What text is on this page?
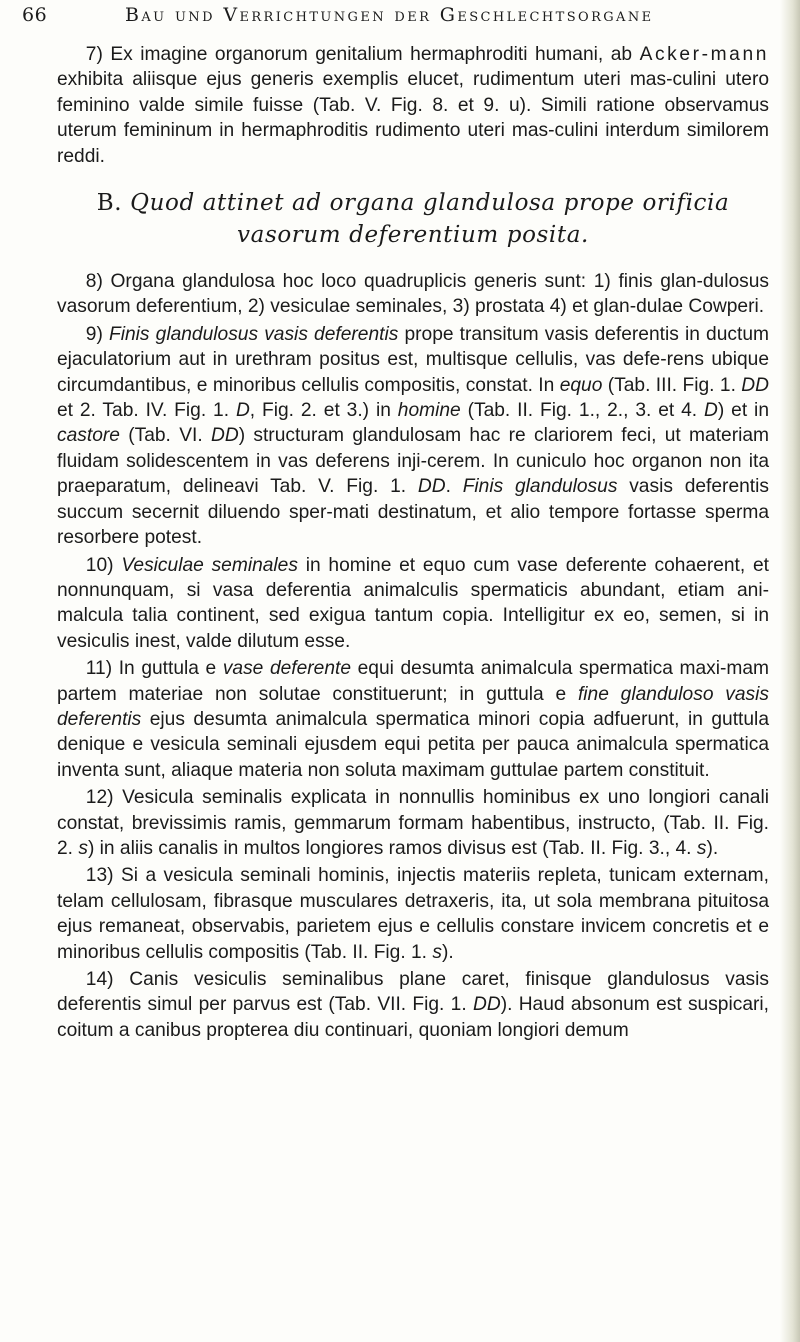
66	Bau und Verrichtungen der Geschlechtsorgane

7) Ex imagine organorum genitalium hermaphroditi humani, ab Acker-mann exhibita aliisque ejus generis exemplis elucet, rudimentum uteri mas-culini utero feminino valde simile fuisse (Tab. V. Fig. 8. et 9. u). Simili ratione observamus uterum femininum in hermaphroditis rudimento uteri mas-culini interdum similorem reddi.

B. Quod attinet ad organa glandulosa prope orificia vasorum deferentium posita.

8) Organa glandulosa hoc loco quadruplicis generis sunt: 1) finis glan-dulosus vasorum deferentium, 2) vesiculae seminales, 3) prostata 4) et glan-dulae Cowperi.

9) Finis glandulosus vasis deferentis prope transitum vasis deferentis in ductum ejaculatorium aut in urethram positus est, multisque cellulis, vas defe-rens ubique circumdantibus, e minoribus cellulis compositis, constat. In equo (Tab. III. Fig. 1. DD et 2. Tab. IV. Fig. 1. D, Fig. 2. et 3.) in homine (Tab. II. Fig. 1., 2., 3. et 4. D) et in castore (Tab. VI. DD) structuram glandulosam hac re clariorem feci, ut materiam fluidam solidescentem in vas deferens inji-cerem. In cuniculo hoc organon non ita praeparatum, delineavi Tab. V. Fig. 1. DD. Finis glandulosus vasis deferentis succum secernit diluendo sper-mati destinatum, et alio tempore fortasse sperma resorbere potest.

10) Vesiculae seminales in homine et equo cum vase deferente cohaerent, et nonnunquam, si vasa deferentia animalculis spermaticis abundant, etiam ani-malcula talia continent, sed exigua tantum copia. Intelligitur ex eo, semen, si in vesiculis inest, valde dilutum esse.

11) In guttula e vase deferente equi desumta animalcula spermatica maxi-mam partem materiae non solutae constituerunt; in guttula e fine glanduloso vasis deferentis ejus desumta animalcula spermatica minori copia adfuerunt, in guttula denique e vesicula seminali ejusdem equi petita per pauca animalcula spermatica inventa sunt, aliaque materia non soluta maximam guttulae partem constituit.

12) Vesicula seminalis explicata in nonnullis hominibus ex uno longiori canali constat, brevissimis ramis, gemmarum formam habentibus, instructo, (Tab. II. Fig. 2. s) in aliis canalis in multos longiores ramos divisus est (Tab. II. Fig. 3., 4. s).

13) Si a vesicula seminali hominis, injectis materiis repleta, tunicam externam, telam cellulosam, fibrasque musculares detraxeris, ita, ut sola membrana pituitosa ejus remaneat, observabis, parietem ejus e cellulis constare invicem concretis et e minoribus cellulis compositis (Tab. II. Fig. 1. s).

14) Canis vesiculis seminalibus plane caret, finisque glandulosus vasis deferentis simul per parvus est (Tab. VII. Fig. 1. DD). Haud absonum est suspicari, coitum a canibus propterea diu continuari, quoniam longiori demum
